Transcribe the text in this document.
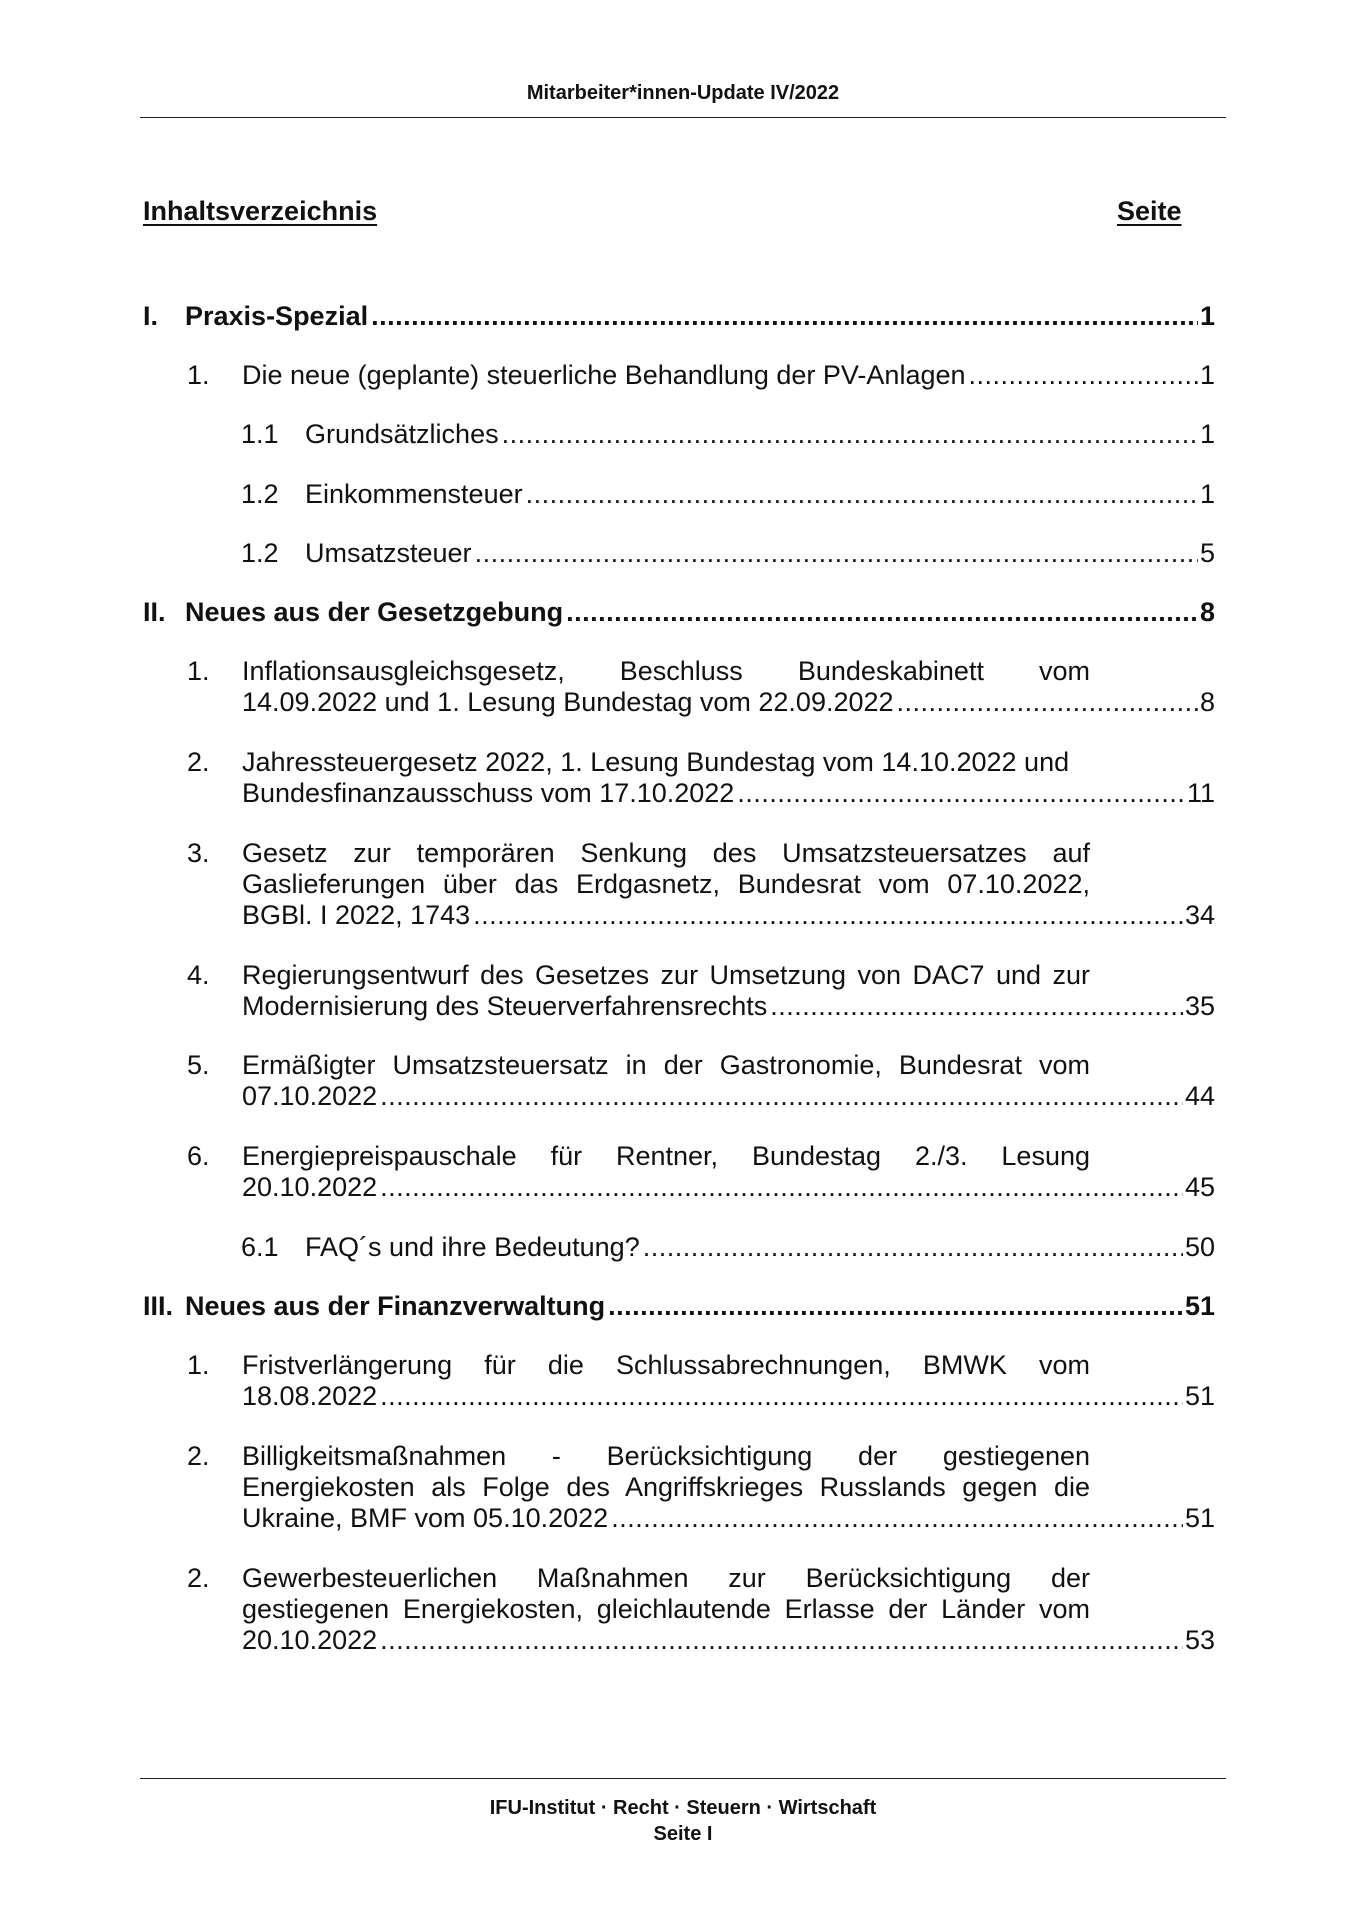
Mitarbeiter*innen-Update IV/2022
Inhaltsverzeichnis	Seite
I. Praxis-Spezial .....	1
1.	Die neue (geplante) steuerliche Behandlung der PV-Anlagen .....	1
1.1 Grundsätzliches .....	1
1.2 Einkommensteuer .....	1
1.2 Umsatzsteuer .....	5
II. Neues aus der Gesetzgebung .....	8
1.	Inflationsausgleichsgesetz, Beschluss Bundeskabinett vom
14.09.2022 und 1. Lesung Bundestag vom 22.09.2022 .....	8
2.	Jahressteuergesetz 2022, 1. Lesung Bundestag vom 14.10.2022 und
Bundesfinanzausschuss vom 17.10.2022 .....	11
3.	Gesetz zur temporären Senkung des Umsatzsteuersatzes auf
Gaslieferungen über das Erdgasnetz, Bundesrat vom 07.10.2022,
BGBl. I 2022, 1743 .....	34
4.	Regierungsentwurf des Gesetzes zur Umsetzung von DAC7 und zur
Modernisierung des Steuerverfahrensrechts .....	35
5.	Ermäßigter Umsatzsteuersatz in der Gastronomie, Bundesrat vom
07.10.2022 .....	44
6.	Energiepreispauschale für Rentner, Bundestag 2./3. Lesung
20.10.2022 .....	45
6.1 FAQ´s und ihre Bedeutung? .....	50
III. Neues aus der Finanzverwaltung .....	51
1.	Fristverlängerung für die Schlussabrechnungen, BMWK vom
18.08.2022 .....	51
2.	Billigkeitsmaßnahmen - Berücksichtigung der gestiegenen
Energiekosten als Folge des Angriffskrieges Russlands gegen die
Ukraine, BMF vom 05.10.2022 .....	51
2.	Gewerbesteuerlichen Maßnahmen zur Berücksichtigung der
gestiegenen Energiekosten, gleichlautende Erlasse der Länder vom
20.10.2022 .....	53
IFU-Institut · Recht · Steuern · Wirtschaft
Seite I
